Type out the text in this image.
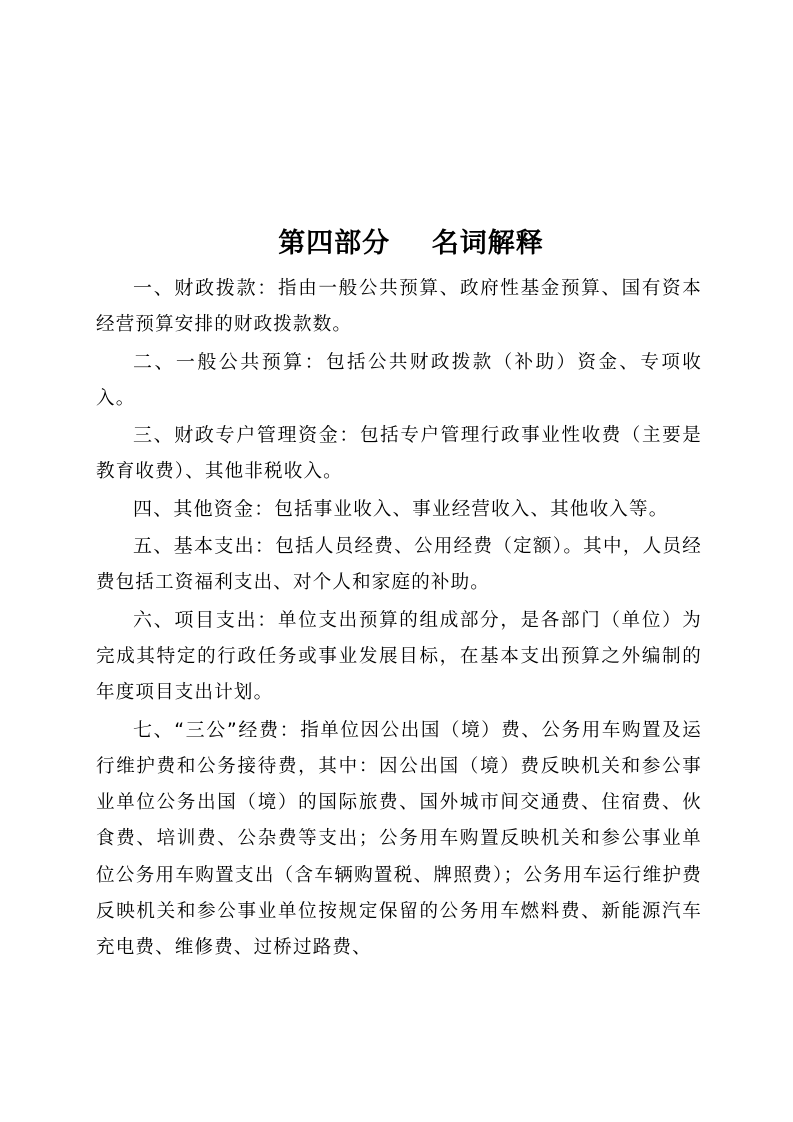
第四部分    名词解释

一、财政拨款：指由一般公共预算、政府性基金预算、国有资本经营预算安排的财政拨款数。

二、一般公共预算：包括公共财政拨款（补助）资金、专项收入。

三、财政专户管理资金：包括专户管理行政事业性收费（主要是教育收费）、其他非税收入。

四、其他资金：包括事业收入、事业经营收入、其他收入等。

五、基本支出：包括人员经费、公用经费（定额）。其中，人员经费包括工资福利支出、对个人和家庭的补助。

六、项目支出：单位支出预算的组成部分，是各部门（单位）为完成其特定的行政任务或事业发展目标，在基本支出预算之外编制的年度项目支出计划。

七、“三公”经费：指单位因公出国（境）费、公务用车购置及运行维护费和公务接待费，其中：因公出国（境）费反映机关和参公事业单位公务出国（境）的国际旅费、国外城市间交通费、住宿费、伙食费、培训费、公杂费等支出；公务用车购置反映机关和参公事业单位公务用车购置支出（含车辆购置税、牌照费）；公务用车运行维护费反映机关和参公事业单位按规定保留的公务用车燃料费、新能源汽车充电费、维修费、过桥过路费、
